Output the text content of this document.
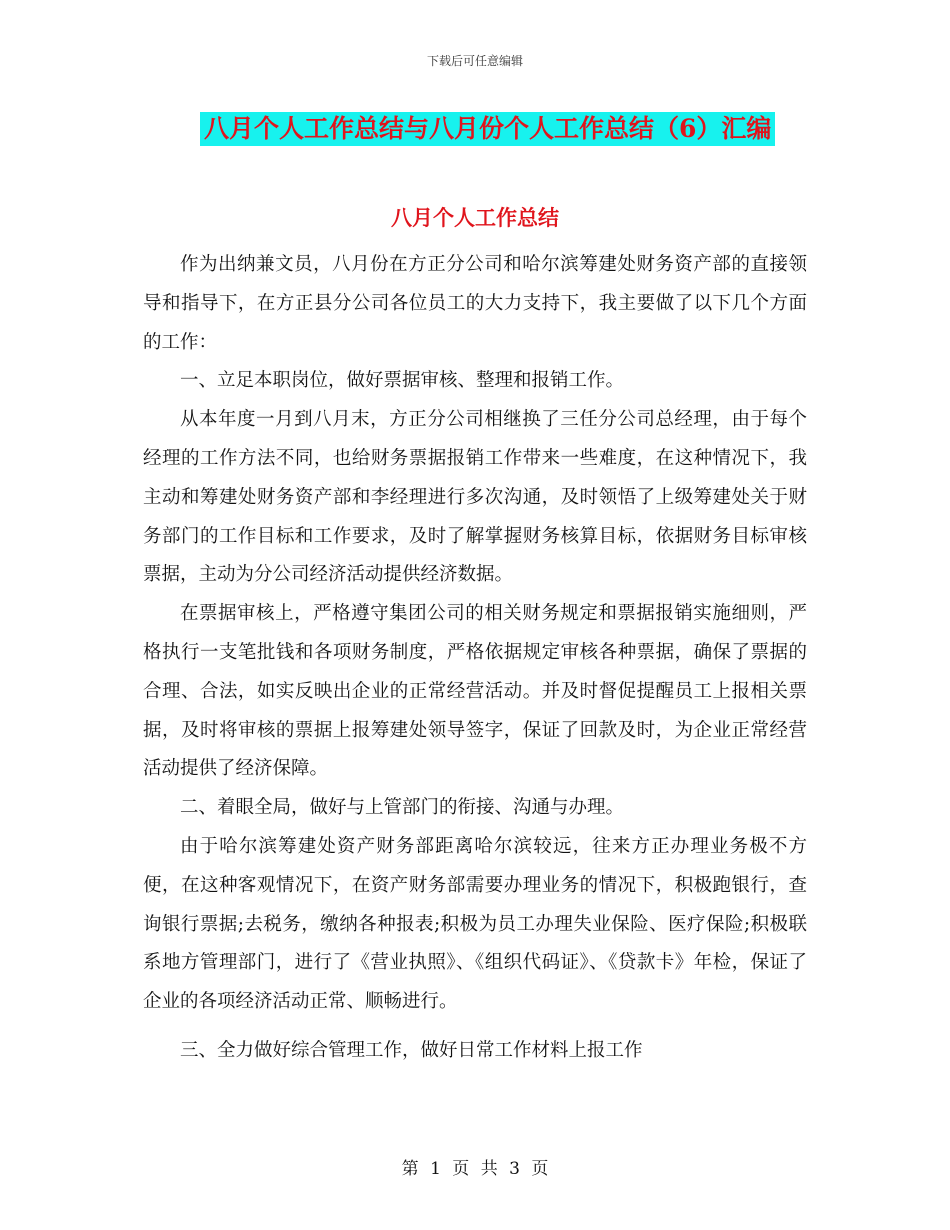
下载后可任意编辑
八月个人工作总结与八月份个人工作总结（6）汇编
八月个人工作总结

作为出纳兼文员，八月份在方正分公司和哈尔滨筹建处财务资产部的直接领导和指导下，在方正县分公司各位员工的大力支持下，我主要做了以下几个方面的工作：

一、立足本职岗位，做好票据审核、整理和报销工作。

从本年度一月到八月末，方正分公司相继换了三任分公司总经理，由于每个经理的工作方法不同，也给财务票据报销工作带来一些难度，在这种情况下，我主动和筹建处财务资产部和李经理进行多次沟通，及时领悟了上级筹建处关于财务部门的工作目标和工作要求，及时了解掌握财务核算目标，依据财务目标审核票据，主动为分公司经济活动提供经济数据。

在票据审核上，严格遵守集团公司的相关财务规定和票据报销实施细则，严格执行一支笔批钱和各项财务制度，严格依据规定审核各种票据，确保了票据的合理、合法，如实反映出企业的正常经营活动。并及时督促提醒员工上报相关票据，及时将审核的票据上报筹建处领导签字，保证了回款及时，为企业正常经营活动提供了经济保障。

二、着眼全局，做好与上管部门的衔接、沟通与办理。

由于哈尔滨筹建处资产财务部距离哈尔滨较远，往来方正办理业务极不方便，在这种客观情况下，在资产财务部需要办理业务的情况下，积极跑银行，查询银行票据;去税务，缴纳各种报表;积极为员工办理失业保险、医疗保险;积极联系地方管理部门，进行了《营业执照》、《组织代码证》、《贷款卡》年检，保证了企业的各项经济活动正常、顺畅进行。

三、全力做好综合管理工作，做好日常工作材料上报工作

第 1 页 共 3 页
